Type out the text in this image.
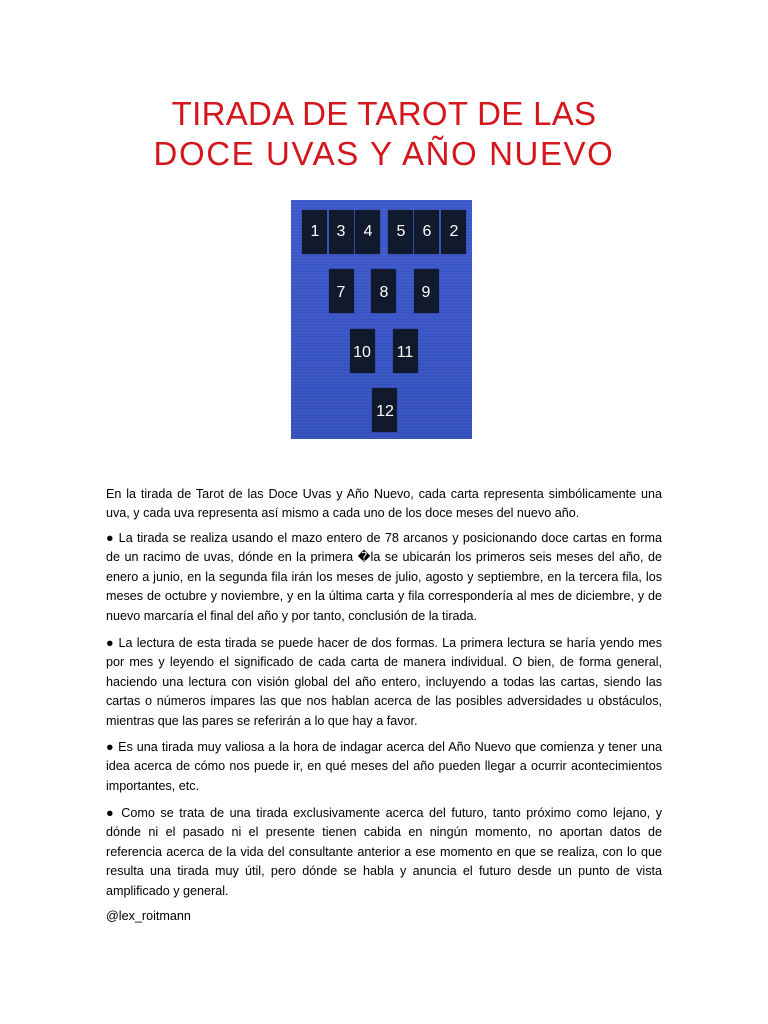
TIRADA DE TAROT DE LAS
DOCE UVAS Y AÑO NUEVO
1 3 4 5 6 2
7 8 9
10 11
12

En la tirada de Tarot de las Doce Uvas y Año Nuevo, cada carta representa simbólicamente una uva, y cada uva representa así mismo a cada uno de los doce meses del nuevo año.

● La tirada se realiza usando el mazo entero de 78 arcanos y posicionando doce cartas en forma de un racimo de uvas, dónde en la primera �la se ubicarán los primeros seis meses del año, de enero a junio, en la segunda fila irán los meses de julio, agosto y septiembre, en la tercera fila, los meses de octubre y noviembre, y en la última carta y fila correspondería al mes de diciembre, y de nuevo marcaría el final del año y por tanto, conclusión de la tirada.

● La lectura de esta tirada se puede hacer de dos formas. La primera lectura se haría yendo mes por mes y leyendo el significado de cada carta de manera individual. O bien, de forma general, haciendo una lectura con visión global del año entero, incluyendo a todas las cartas, siendo las cartas o números impares las que nos hablan acerca de las posibles adversidades u obstáculos, mientras que las pares se referirán a lo que hay a favor.

● Es una tirada muy valiosa a la hora de indagar acerca del Año Nuevo que comienza y tener una idea acerca de cómo nos puede ir, en qué meses del año pueden llegar a ocurrir acontecimientos importantes, etc.

● Como se trata de una tirada exclusivamente acerca del futuro, tanto próximo como lejano, y dónde ni el pasado ni el presente tienen cabida en ningún momento, no aportan datos de referencia acerca de la vida del consultante anterior a ese momento en que se realiza, con lo que resulta una tirada muy útil, pero dónde se habla y anuncia el futuro desde un punto de vista amplificado y general.

@lex_roitmann
